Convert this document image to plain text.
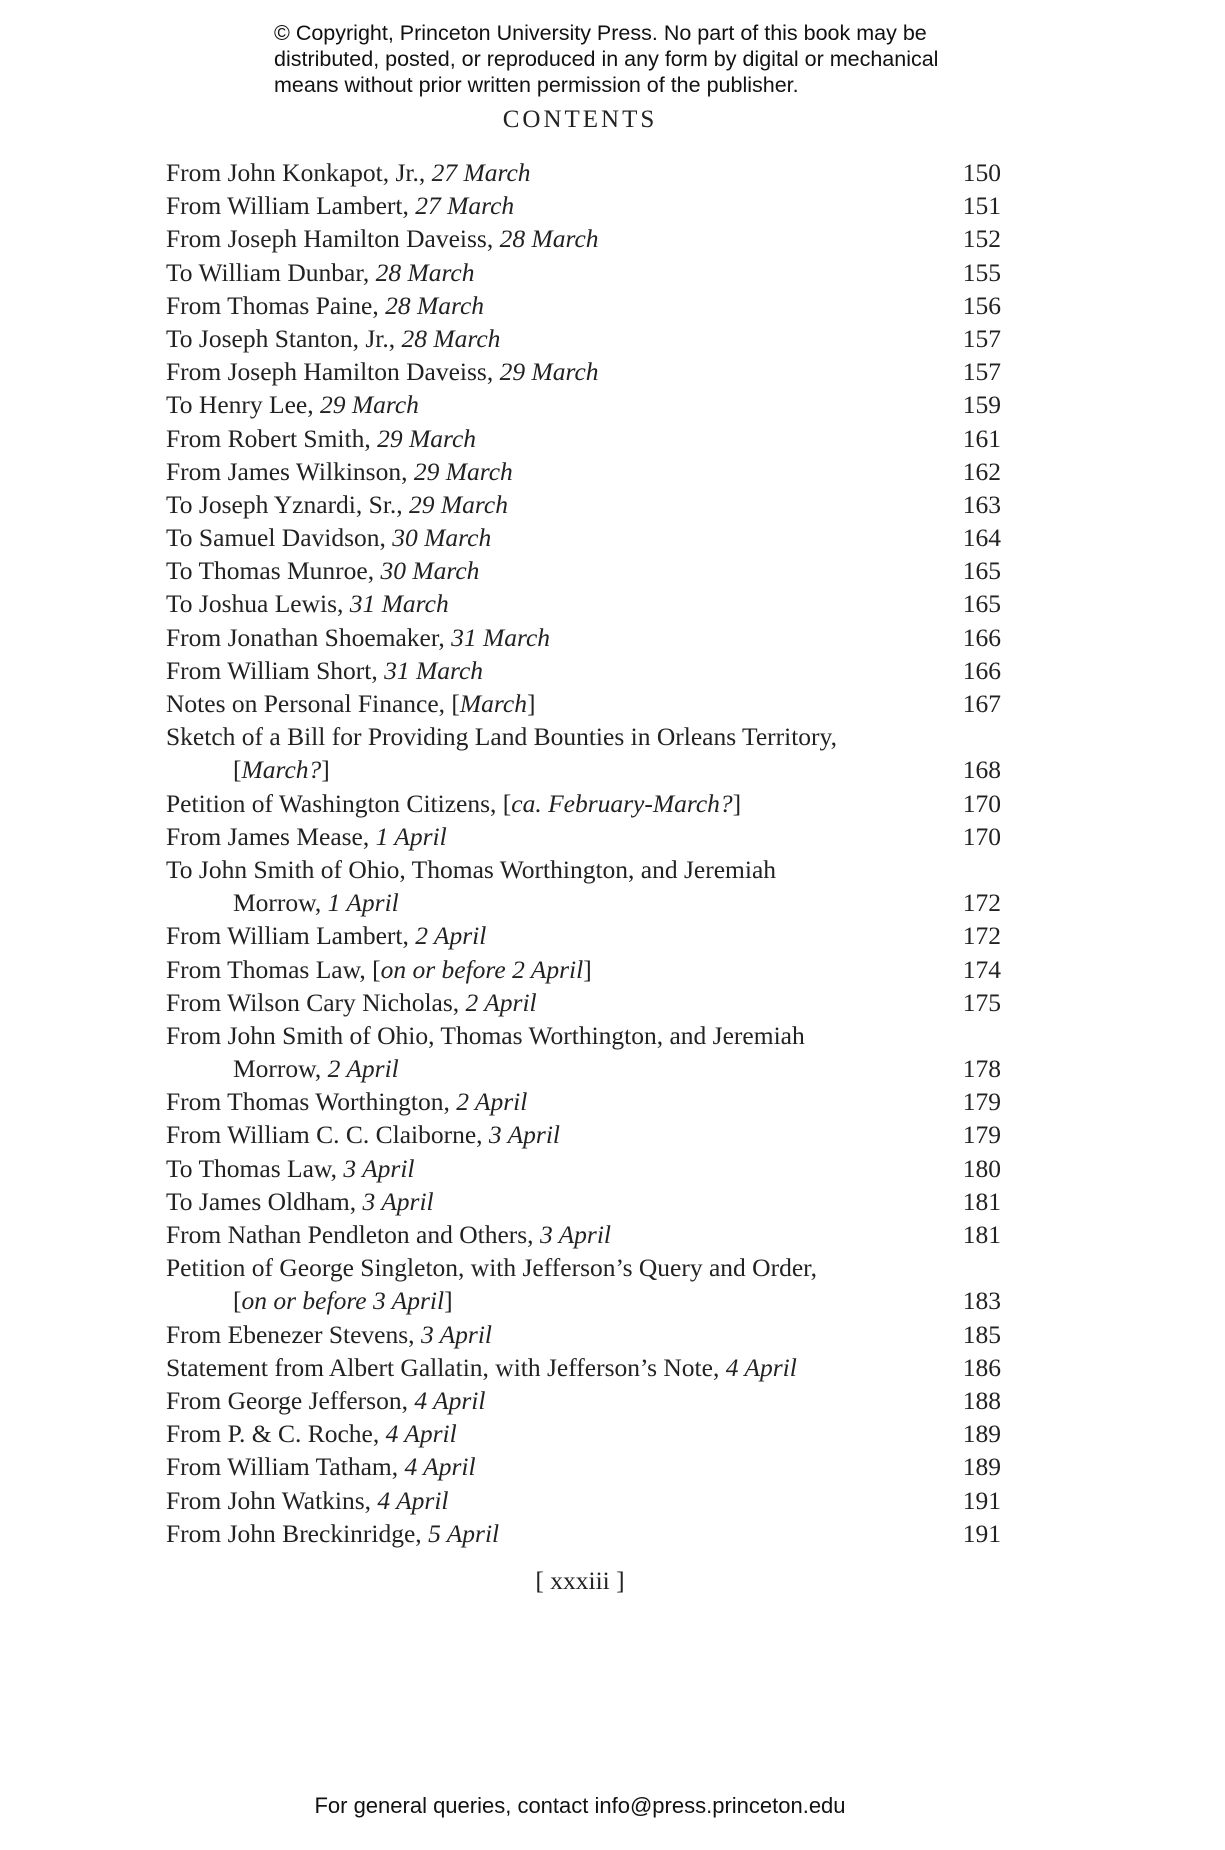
© Copyright, Princeton University Press. No part of this book may be
distributed, posted, or reproduced in any form by digital or mechanical
means without prior written permission of the publisher.
CONTENTS
From John Konkapot, Jr., 27 March	150
From William Lambert, 27 March	151
From Joseph Hamilton Daveiss, 28 March	152
To William Dunbar, 28 March	155
From Thomas Paine, 28 March	156
To Joseph Stanton, Jr., 28 March	157
From Joseph Hamilton Daveiss, 29 March	157
To Henry Lee, 29 March	159
From Robert Smith, 29 March	161
From James Wilkinson, 29 March	162
To Joseph Yznardi, Sr., 29 March	163
To Samuel Davidson, 30 March	164
To Thomas Munroe, 30 March	165
To Joshua Lewis, 31 March	165
From Jonathan Shoemaker, 31 March	166
From William Short, 31 March	166
Notes on Personal Finance, [March]	167
Sketch of a Bill for Providing Land Bounties in Orleans Territory,
[March?]	168
Petition of Washington Citizens, [ca. February-March?]	170
From James Mease, 1 April	170
To John Smith of Ohio, Thomas Worthington, and Jeremiah
Morrow, 1 April	172
From William Lambert, 2 April	172
From Thomas Law, [on or before 2 April]	174
From Wilson Cary Nicholas, 2 April	175
From John Smith of Ohio, Thomas Worthington, and Jeremiah
Morrow, 2 April	178
From Thomas Worthington, 2 April	179
From William C. C. Claiborne, 3 April	179
To Thomas Law, 3 April	180
To James Oldham, 3 April	181
From Nathan Pendleton and Others, 3 April	181
Petition of George Singleton, with Jefferson’s Query and Order,
[on or before 3 April]	183
From Ebenezer Stevens, 3 April	185
Statement from Albert Gallatin, with Jefferson’s Note, 4 April	186
From George Jefferson, 4 April	188
From P. & C. Roche, 4 April	189
From William Tatham, 4 April	189
From John Watkins, 4 April	191
From John Breckinridge, 5 April	191
[ xxxiii ]
For general queries, contact info@press.princeton.edu
